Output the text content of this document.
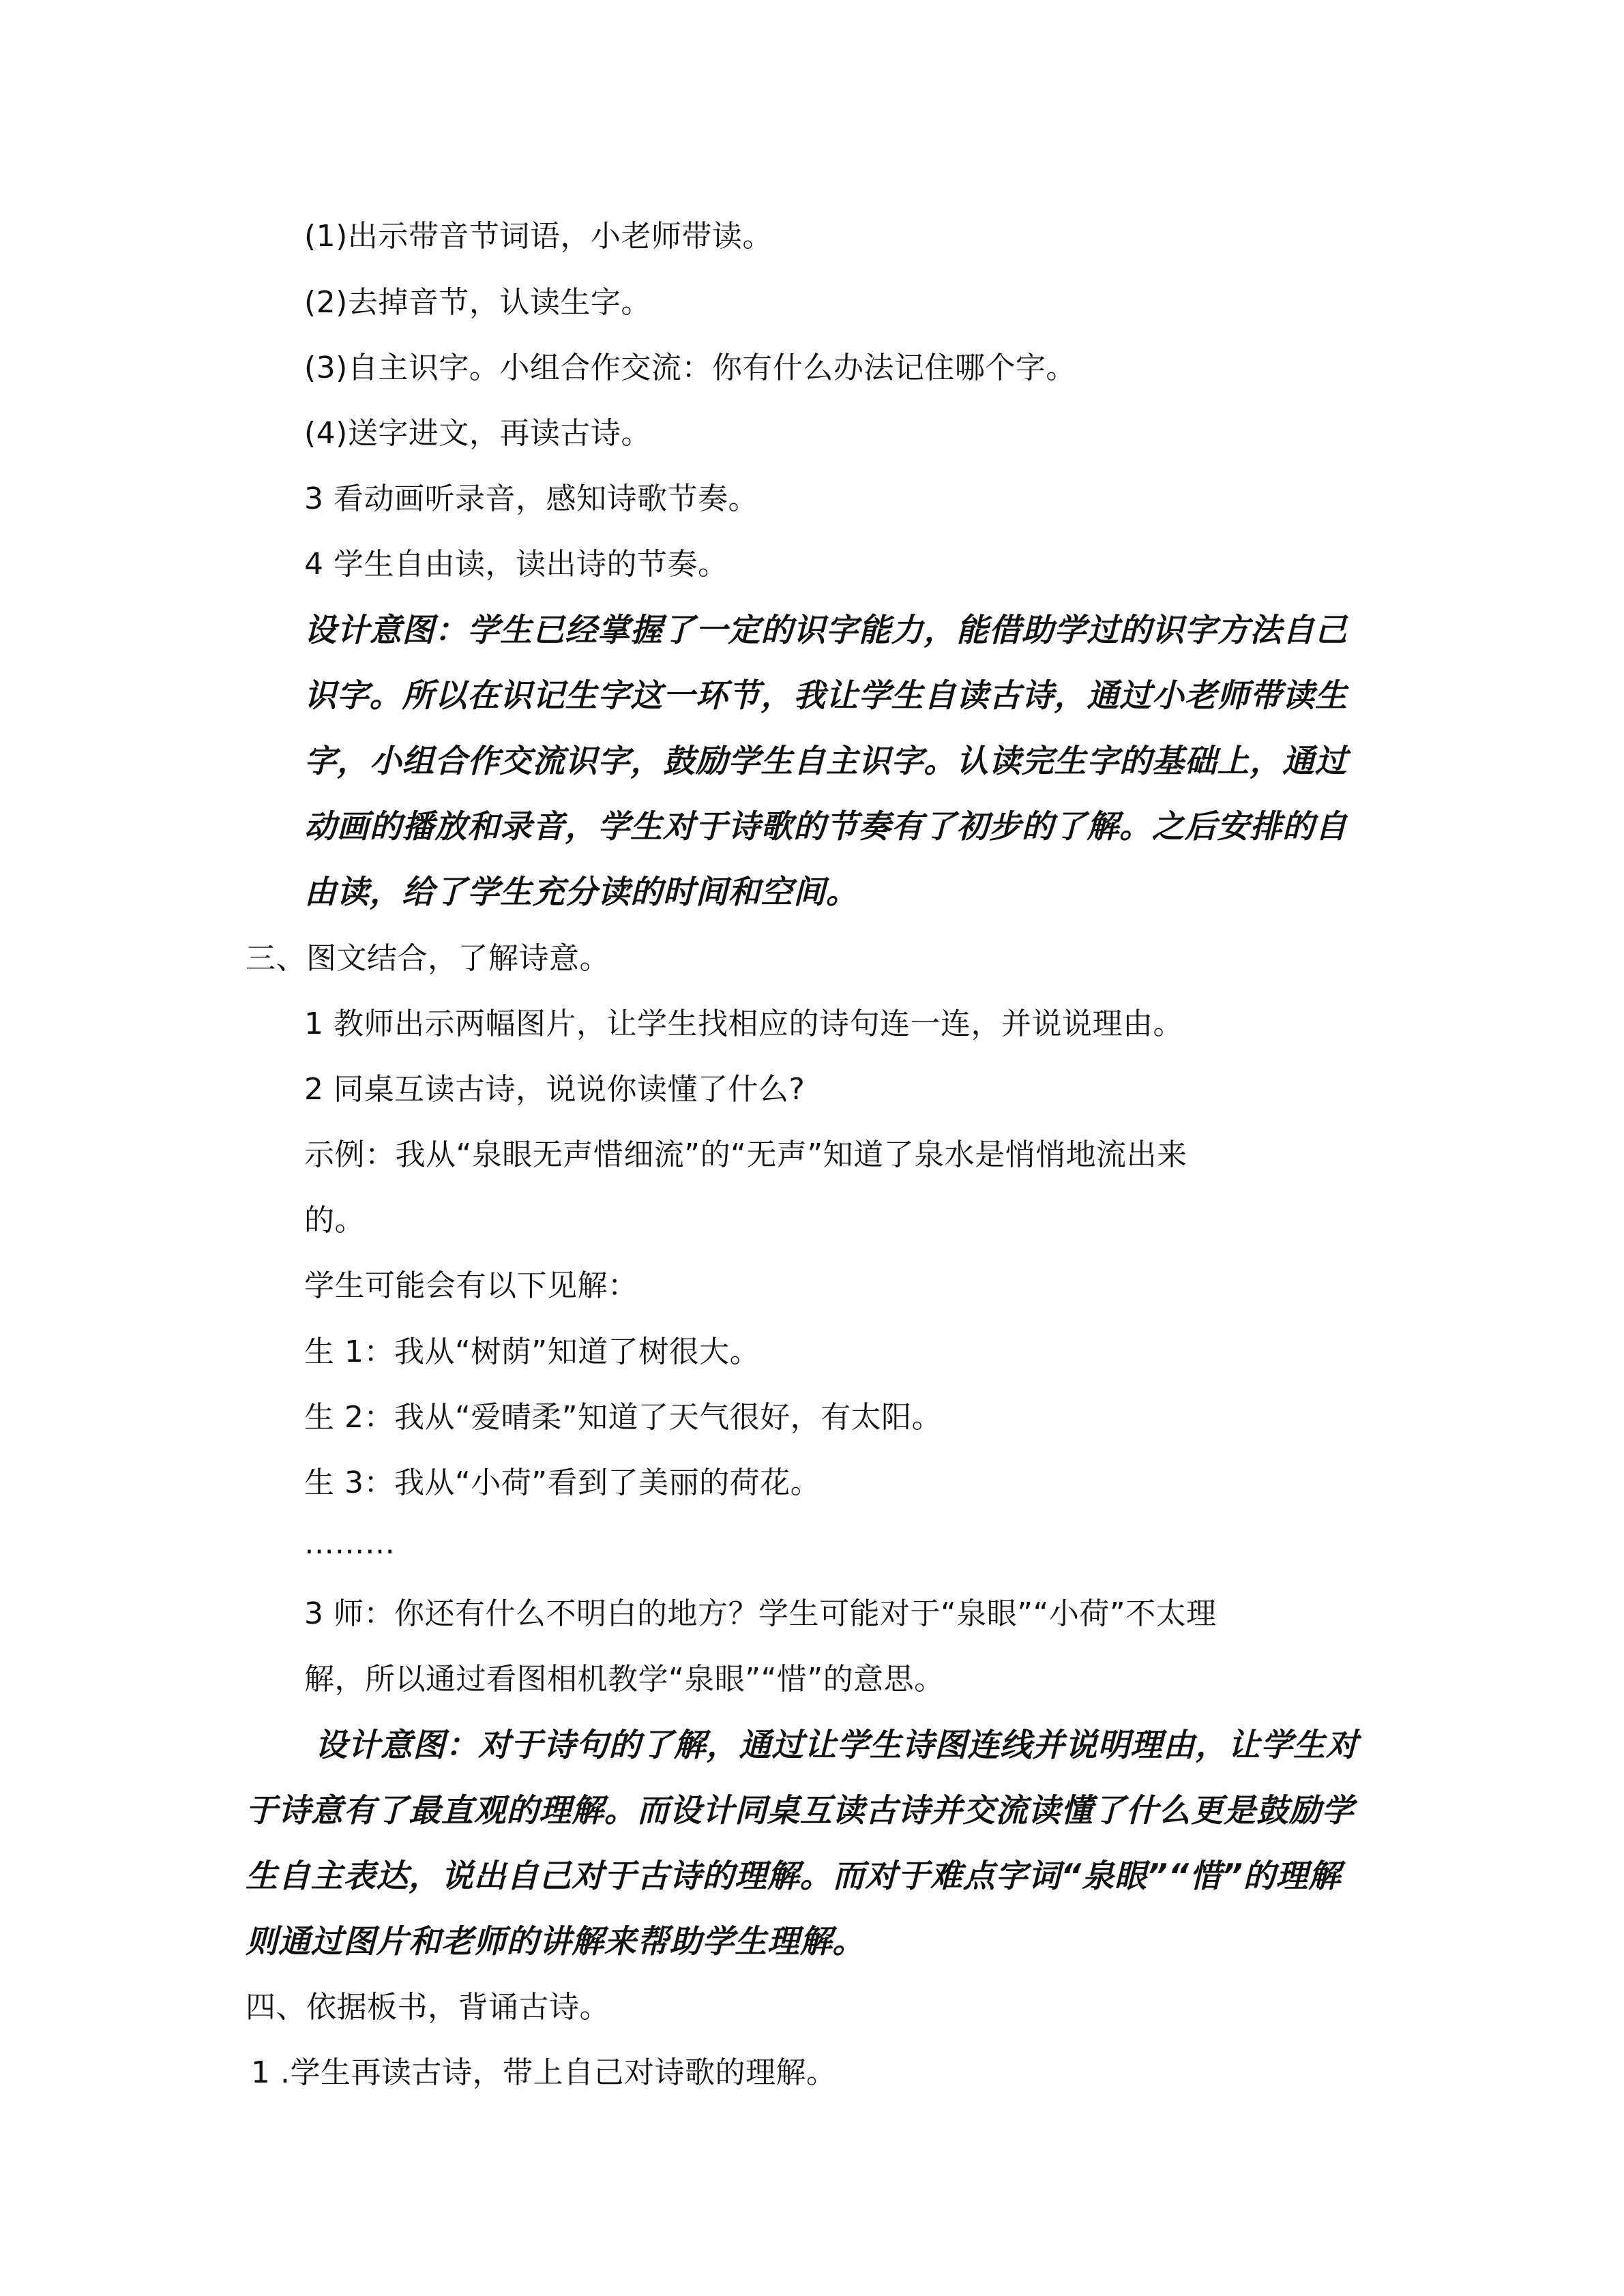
(1)出示带音节词语，小老师带读。
(2)去掉音节，认读生字。
(3)自主识字。小组合作交流：你有什么办法记住哪个字。
(4)送字进文，再读古诗。
3 看动画听录音，感知诗歌节奏。
4 学生自由读，读出诗的节奏。
设计意图：学生已经掌握了一定的识字能力，能借助学过的识字方法自己
识字。所以在识记生字这一环节，我让学生自读古诗，通过小老师带读生
字，小组合作交流识字，鼓励学生自主识字。认读完生字的基础上，通过
动画的播放和录音，学生对于诗歌的节奏有了初步的了解。之后安排的自
由读，给了学生充分读的时间和空间。
三、图文结合，了解诗意。
1 教师出示两幅图片，让学生找相应的诗句连一连，并说说理由。
2 同桌互读古诗，说说你读懂了什么?
示例：我从“泉眼无声惜细流”的“无声”知道了泉水是悄悄地流出来
的。
学生可能会有以下见解：
生 1：我从“树荫”知道了树很大。
生 2：我从“爱晴柔”知道了天气很好，有太阳。
生 3：我从“小荷”看到了美丽的荷花。
………
3 师：你还有什么不明白的地方？学生可能对于“泉眼”“小荷”不太理
解，所以通过看图相机教学“泉眼”“惜”的意思。
设计意图：对于诗句的了解，通过让学生诗图连线并说明理由，让学生对
于诗意有了最直观的理解。而设计同桌互读古诗并交流读懂了什么更是鼓励学
生自主表达，说出自己对于古诗的理解。而对于难点字词“泉眼”“惜”的理解
则通过图片和老师的讲解来帮助学生理解。
四、依据板书，背诵古诗。
1 .学生再读古诗，带上自己对诗歌的理解。
